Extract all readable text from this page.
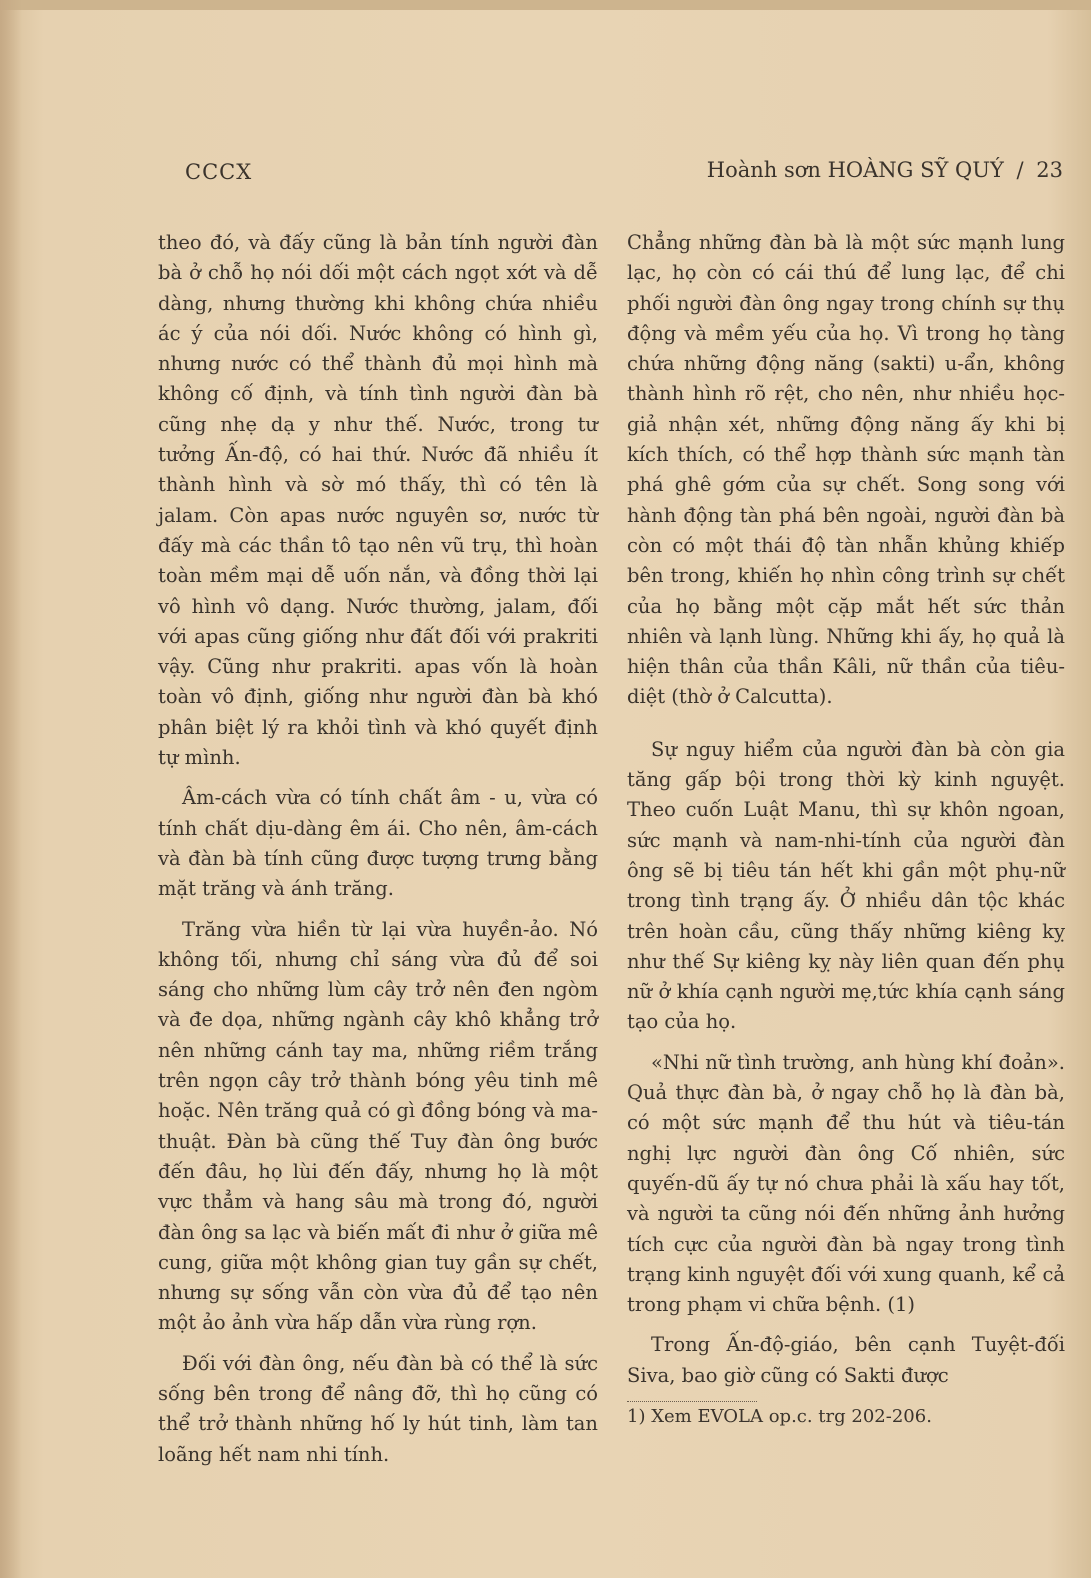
CCCX	Hoành sơn HOÀNG SỸ QUÝ / 23

theo đó, và đấy cũng là bản tính người đàn bà ở chỗ họ nói dối một cách ngọt xớt và dễ dàng, nhưng thường khi không chứa nhiều ác ý của nói dối. Nước không có hình gì, nhưng nước có thể thành đủ mọi hình mà không cố định, và tính tình người đàn bà cũng nhẹ dạ y như thế. Nước, trong tư tưởng Ấn-độ, có hai thứ. Nước đã nhiều ít thành hình và sờ mó thấy, thì có tên là jalam. Còn apas nước nguyên sơ, nước từ đấy mà các thần tô tạo nên vũ trụ, thì hoàn toàn mềm mại dễ uốn nắn, và đồng thời lại vô hình vô dạng. Nước thường, jalam, đối với apas cũng giống như đất đối với prakriti vậy. Cũng như prakriti. apas vốn là hoàn toàn vô định, giống như người đàn bà khó phân biệt lý ra khỏi tình và khó quyết định tự mình.

Âm-cách vừa có tính chất âm - u, vừa có tính chất dịu-dàng êm ái. Cho nên, âm-cách và đàn bà tính cũng được tượng trưng bằng mặt trăng và ánh trăng.

Trăng vừa hiền từ lại vừa huyền-ảo. Nó không tối, nhưng chỉ sáng vừa đủ để soi sáng cho những lùm cây trở nên đen ngòm và đe dọa, những ngành cây khô khẳng trở nên những cánh tay ma, những riềm trắng trên ngọn cây trở thành bóng yêu tinh mê hoặc. Nên trăng quả có gì đồng bóng và ma-thuật. Đàn bà cũng thế Tuy đàn ông bước đến đâu, họ lùi đến đấy, nhưng họ là một vực thẳm và hang sâu mà trong đó, người đàn ông sa lạc và biến mất đi như ở giữa mê cung, giữa một không gian tuy gần sự chết, nhưng sự sống vẫn còn vừa đủ để tạo nên một ảo ảnh vừa hấp dẫn vừa rùng rợn.

Đối với đàn ông, nếu đàn bà có thể là sức sống bên trong để nâng đỡ, thì họ cũng có thể trở thành những hố ly hút tinh, làm tan loãng hết nam nhi tính.

Chẳng những đàn bà là một sức mạnh lung lạc, họ còn có cái thú để lung lạc, để chi phối người đàn ông ngay trong chính sự thụ động và mềm yếu của họ. Vì trong họ tàng chứa những động năng (sakti) u-ẩn, không thành hình rõ rệt, cho nên, như nhiều học-giả nhận xét, những động năng ấy khi bị kích thích, có thể hợp thành sức mạnh tàn phá ghê gớm của sự chết. Song song với hành động tàn phá bên ngoài, người đàn bà còn có một thái độ tàn nhẫn khủng khiếp bên trong, khiến họ nhìn công trình sự chết của họ bằng một cặp mắt hết sức thản nhiên và lạnh lùng. Những khi ấy, họ quả là hiện thân của thần Kâli, nữ thần của tiêu-diệt (thờ ở Calcutta).

Sự nguy hiểm của người đàn bà còn gia tăng gấp bội trong thời kỳ kinh nguyệt. Theo cuốn Luật Manu, thì sự khôn ngoan, sức mạnh và nam-nhi-tính của người đàn ông sẽ bị tiêu tán hết khi gần một phụ-nữ trong tình trạng ấy. Ở nhiều dân tộc khác trên hoàn cầu, cũng thấy những kiêng kỵ như thế Sự kiêng kỵ này liên quan đến phụ nữ ở khía cạnh người mẹ,tức khía cạnh sáng tạo của họ.

«Nhi nữ tình trường, anh hùng khí đoản». Quả thực đàn bà, ở ngay chỗ họ là đàn bà, có một sức mạnh để thu hút và tiêu-tán nghị lực người đàn ông Cố nhiên, sức quyến-dũ ấy tự nó chưa phải là xấu hay tốt, và người ta cũng nói đến những ảnh hưởng tích cực của người đàn bà ngay trong tình trạng kinh nguyệt đối với xung quanh, kể cả trong phạm vi chữa bệnh. (1)

Trong Ấn-độ-giáo, bên cạnh Tuyệt-đối Siva, bao giờ cũng có Sakti được

1) Xem EVOLA op.c. trg 202-206.
